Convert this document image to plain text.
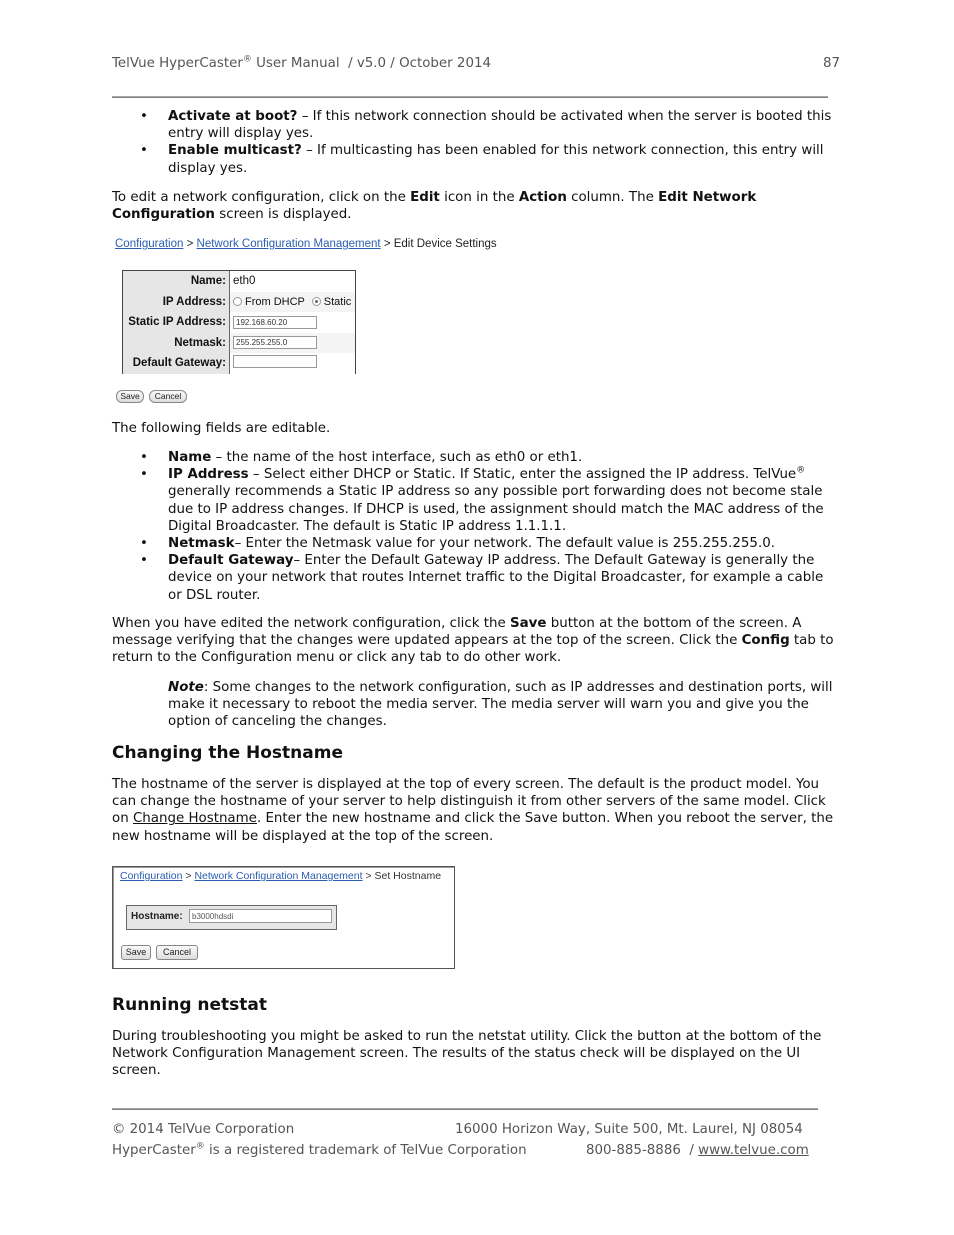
TelVue HyperCaster® User Manual  / v5.0 / October 2014	87
• Activate at boot? – If this network connection should be activated when the server is booted this entry will display yes.
• Enable multicast? – If multicasting has been enabled for this network connection, this entry will display yes.
To edit a network configuration, click on the Edit icon in the Action column. The Edit Network Configuration screen is displayed.
Configuration > Network Configuration Management > Edit Device Settings
Name:	eth0
IP Address:	From DHCP Static
Static IP Address:	192.168.60.20
Netmask:	255.255.255.0
Default Gateway:	
Save	Cancel
The following fields are editable.
• Name – the name of the host interface, such as eth0 or eth1.
• IP Address – Select either DHCP or Static. If Static, enter the assigned the IP address. TelVue® generally recommends a Static IP address so any possible port forwarding does not become stale due to IP address changes. If DHCP is used, the assignment should match the MAC address of the Digital Broadcaster. The default is Static IP address 1.1.1.1.
• Netmask– Enter the Netmask value for your network. The default value is 255.255.255.0.
• Default Gateway– Enter the Default Gateway IP address. The Default Gateway is generally the device on your network that routes Internet traffic to the Digital Broadcaster, for example a cable or DSL router.
When you have edited the network configuration, click the Save button at the bottom of the screen. A message verifying that the changes were updated appears at the top of the screen. Click the Config tab to return to the Configuration menu or click any tab to do other work.
Note: Some changes to the network configuration, such as IP addresses and destination ports, will make it necessary to reboot the media server. The media server will warn you and give you the option of canceling the changes.
Changing the Hostname
The hostname of the server is displayed at the top of every screen. The default is the product model. You can change the hostname of your server to help distinguish it from other servers of the same model. Click on Change Hostname. Enter the new hostname and click the Save button. When you reboot the server, the new hostname will be displayed at the top of the screen.
Configuration > Network Configuration Management > Set Hostname
Hostname:	b3000hdsdi
Save	Cancel
Running netstat
During troubleshooting you might be asked to run the netstat utility. Click the button at the bottom of the Network Configuration Management screen. The results of the status check will be displayed on the UI screen.
© 2014 TelVue Corporation	16000 Horizon Way, Suite 500, Mt. Laurel, NJ 08054
HyperCaster® is a registered trademark of TelVue Corporation	800-885-8886  / www.telvue.com
